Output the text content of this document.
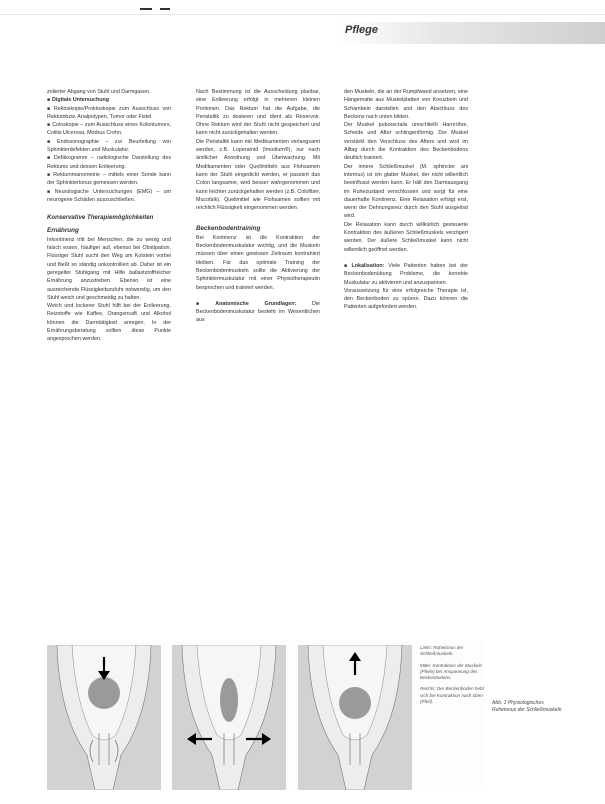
Pflege

zolierter Abgang von Stuhl und Darmgasen.

■ Digitale Untersuchung

■ Rektoskopie/Proktoskopie zum Ausschluss von Rektumbzw. Analpolypen, Tumor oder Fistel.

■ Coloskopie – zum Ausschluss eines Kolontumors, Colitis Ulcerosa, Morbus Crohn.

■ Endosonographie – zur Beurteilung von Sphinkterdefekten und Muskulatur.

■ Defäkogramm – radiologische Darstellung des Rektums und dessen Entleerung.

■ Rektummanometrie – mittels einer Sonde kann der Sphinktertonus gemessen werden.

■ Neurologische Untersuchungen (EMG) – um neurogene Schäden auszuschließen.

Konservative Therapiemöglichkeiten
Ernährung

Inkontinenz tritt bei Menschen, die zu wenig und falsch essen, häufiger auf, ebenso bei Obstipation. Flüssiger Stuhl sucht den Weg am Kotstein vorbei und fließt so ständig unkontrolliert ab. Daher ist ein geregelter Stuhlgang mit Hilfe ballaststoffreicher Ernährung anzustreben. Ebenso ist eine ausreichende Flüssigkeitszufuhr notwendig, um den Stuhl weich und geschmeidig zu halten.

Weich und lockerer Stuhl hilft bei der Entleerung. Reizstoffe wie Kaffee, Orangensaft und Alkohol können die Darmtätigkeit anregen. In der Ernährungsberatung sollten diese Punkte angesprochen werden.

Nach Bestimmung ist die Ausscheidung planbar, eine Entleerung erfolgt in mehreren kleinen Portionen. Das Rektum hat die Aufgabe, die Peristaltik zu dosieren und dient als Reservoir. Ohne Rektum wird der Stuhl nicht gespeichert und kann nicht zurückgehalten werden.

Die Peristaltik kann mit Medikamenten verlangsamt werden, z.B. Loperamid (Imodium®), nur nach ärztlicher Anordnung und Überwachung. Mit Medikamenten oder Quellmitteln aus Flohsamen kann der Stuhl eingedickt werden, er passiert das Colon langsamer, wird besser wahrgenommen und kann leichter zurückgehalten werden (z.B. Colofiber, Mucofalk). Quellmittel wie Flohsamen sollten mit reichlich Flüssigkeit eingenommen werden.

Beckenbodentraining

Bei Kontinenz ist die Kontraktion der Beckenbodenmuskulatur wichtig, und die Muskeln müssen über einen gewissen Zeitraum kontrahiert bleiben. Für das optimale Training der Beckenbodenmuskeln sollte die Aktivierung der Sphinktermuskulatur mit einer Physiotherapeutin besprochen und trainiert werden.

■ Anatomische Grundlagen:	Die Beckenbodenmuskulatur besteht im Wesentlichen aus

den Muskeln, die an der Rumpfwand ansetzen, eine Hängematte aus Muskelplatten von Kreuzbein und Schambein darstellen und den Abschluss des Beckens nach unten bilden.

Der Muskel puborectalis umschließt Harnröhre, Scheide und After schlingenförmig. Der Muskel verstärkt den Verschluss des Afters und wird im Alltag durch die Kontraktion des Beckenbodens deutlich trainiert.

Der innere Schließmuskel (M. sphincter ani internus) ist ein glatter Muskel, der nicht willentlich beeinflusst werden kann. Er hält den Darmausgang im Ruhezustand verschlossen und sorgt für eine dauerhafte Kontinenz. Eine Relaxation erfolgt erst, wenn der Dehnungsreiz durch den Stuhl ausgelöst wird.

Die Relaxation kann durch willkürlich gesteuerte Kontraktion des äußeren Schließmuskels verzögert werden. Der äußere Schließmuskel kann nicht willentlich geöffnet werden.

■ Lokalisation: Viele Patienten haben bei der Beckenbodenübung Probleme, die korrekte Muskulatur zu aktivieren und anzuspannen.

Voraussetzung für eine erfolgreiche Therapie ist, den Beckenboden zu spüren. Dazu können die Patienten aufgefordert werden.

Links: Ruhetonus der Schließmuskeln.

Mitte: Kontraktion der Muskeln (Pfeile) bei Anspannung des Beckenbodens.

Rechts: Der Beckenboden hebt sich bei Kontraktion nach oben (Pfeil).	Abb. 1 Physiologisches Ruhetonus der Schließmuskeln
